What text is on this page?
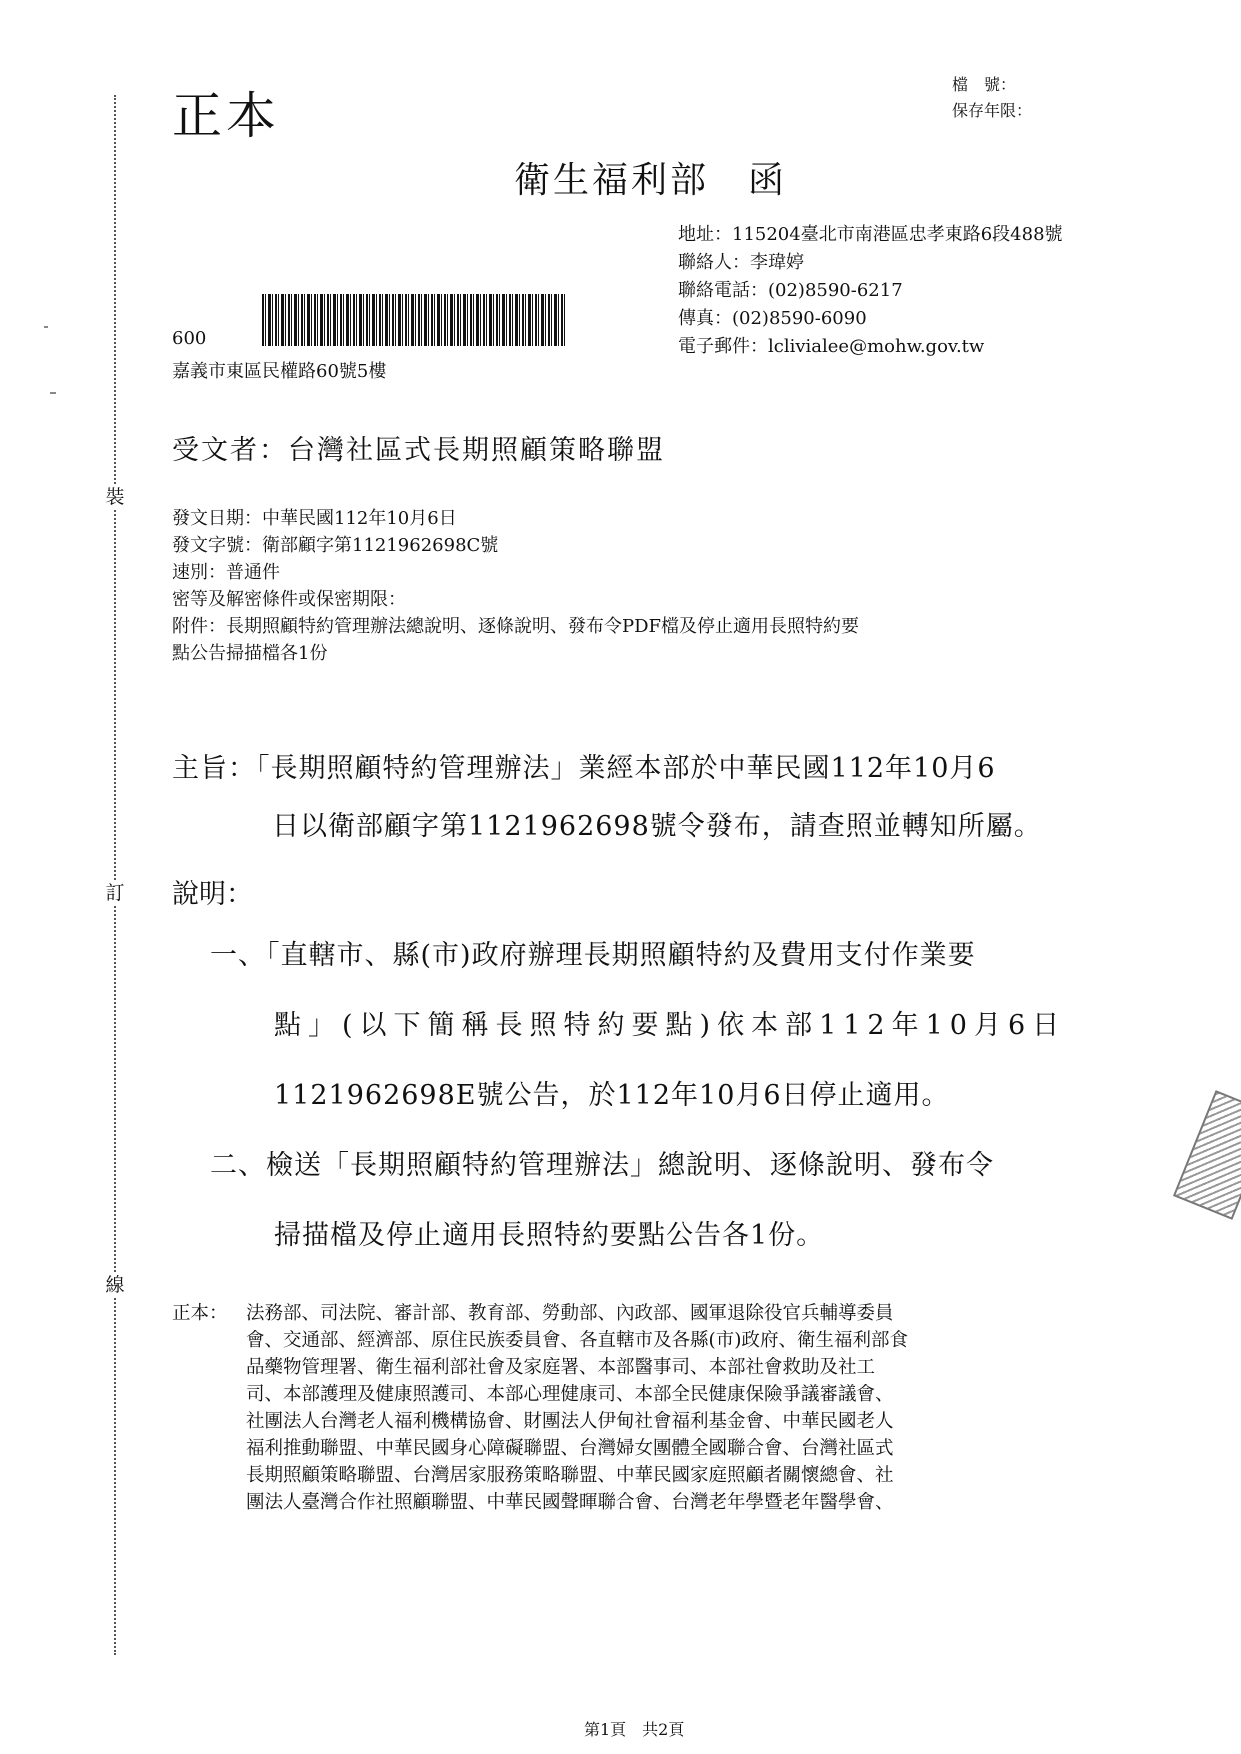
裝
訂
線
正本
檔　號：
保存年限：
衛生福利部　函
地址：115204臺北市南港區忠孝東路6段488號
聯絡人：李瑋婷
聯絡電話：(02)8590-6217
傳真：(02)8590-6090
電子郵件：lclivialee@mohw.gov.tw
600
嘉義市東區民權路60號5樓
受文者：台灣社區式長期照顧策略聯盟
發文日期：中華民國112年10月6日
發文字號：衛部顧字第1121962698C號
速別：普通件
密等及解密條件或保密期限：
附件：長期照顧特約管理辦法總說明、逐條說明、發布令PDF檔及停止適用長照特約要
點公告掃描檔各1份
主旨：「長期照顧特約管理辦法」業經本部於中華民國112年10月6
日以衛部顧字第1121962698號令發布，請查照並轉知所屬。
說明：
一、「直轄市、縣(市)政府辦理長期照顧特約及費用支付作業要
點」(以下簡稱長照特約要點)依本部112年10月6日
1121962698E號公告，於112年10月6日停止適用。
二、檢送「長期照顧特約管理辦法」總說明、逐條說明、發布令
掃描檔及停止適用長照特約要點公告各1份。
正本： 法務部、司法院、審計部、教育部、勞動部、內政部、國軍退除役官兵輔導委員
會、交通部、經濟部、原住民族委員會、各直轄市及各縣(市)政府、衛生福利部食
品藥物管理署、衛生福利部社會及家庭署、本部醫事司、本部社會救助及社工
司、本部護理及健康照護司、本部心理健康司、本部全民健康保險爭議審議會、
社團法人台灣老人福利機構協會、財團法人伊甸社會福利基金會、中華民國老人
福利推動聯盟、中華民國身心障礙聯盟、台灣婦女團體全國聯合會、台灣社區式
長期照顧策略聯盟、台灣居家服務策略聯盟、中華民國家庭照顧者關懷總會、社
團法人臺灣合作社照顧聯盟、中華民國聲暉聯合會、台灣老年學暨老年醫學會、
第1頁　共2頁
